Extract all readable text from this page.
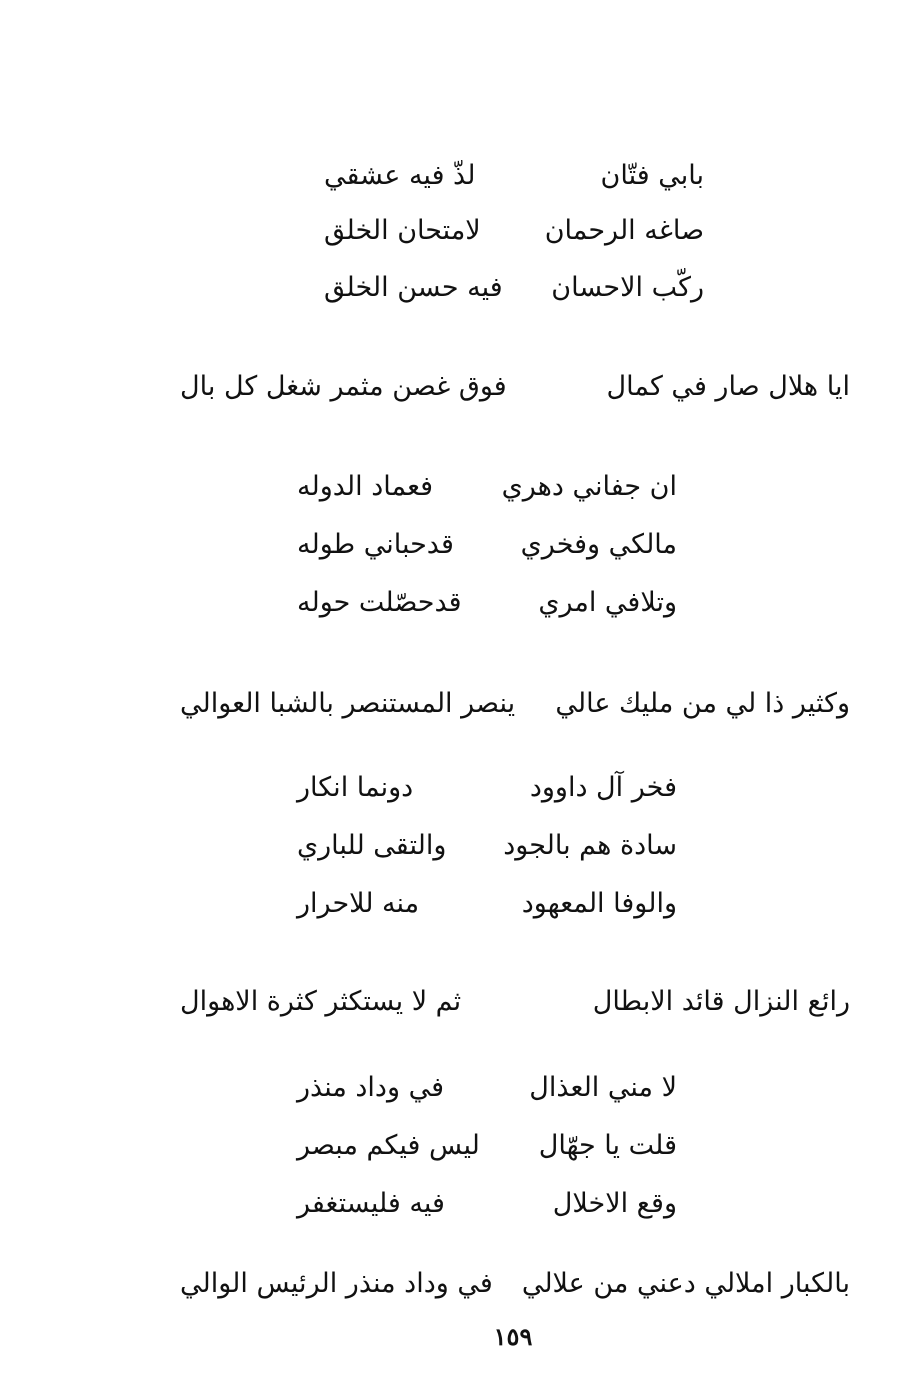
بابي فتّان
لذّ فيه عشقي
صاغه الرحمان
لامتحان الخلق
ركّب الاحسان
فيه حسن الخلق
ايا هلال صار في كمال
فوق غصن مثمر شغل كل بال
ان جفاني دهري
فعماد الدوله
مالكي وفخري
قدحباني طوله
وتلافي امري
قدحصّلت حوله
وكثير ذا لي من مليك عالي
ينصر المستنصر بالشبا العوالي
فخر آل داوود
دونما انكار
سادة هم بالجود
والتقى للباري
والوفا المعهود
منه للاحرار
رائع النزال قائد الابطال
ثم لا يستكثر كثرة الاهوال
لا مني العذال
في وداد منذر
قلت يا جهّال
ليس فيكم مبصر
وقع الاخلال
فيه فليستغفر
بالكبار املالي دعني من علالي
في وداد منذر الرئيس الوالي
١٥٩
